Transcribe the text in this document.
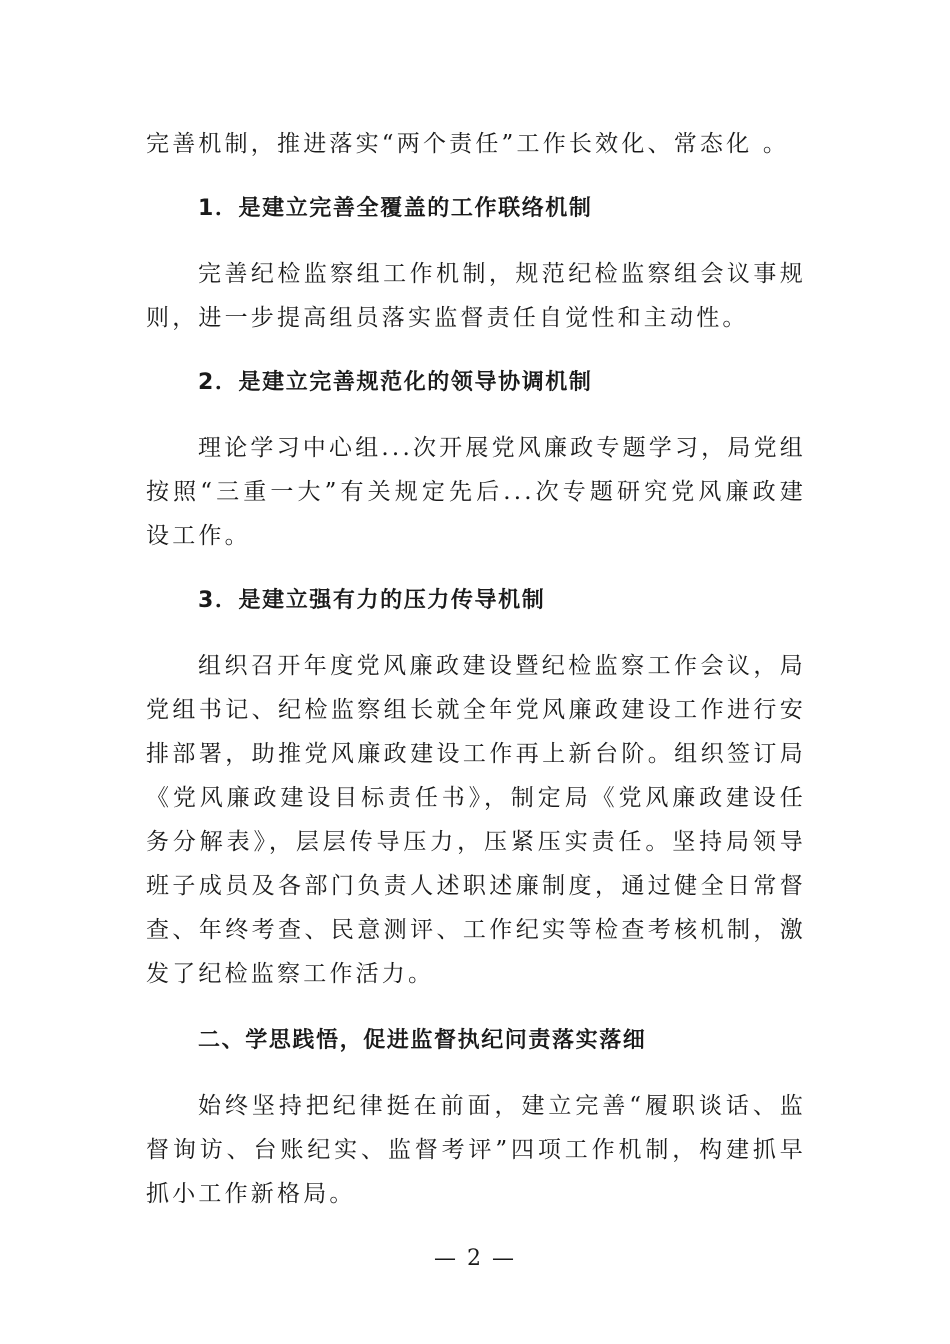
完善机制，推进落实“两个责任”工作长效化、常态化 。

1．是建立完善全覆盖的工作联络机制

完善纪检监察组工作机制，规范纪检监察组会议事规则，进一步提高组员落实监督责任自觉性和主动性。

2．是建立完善规范化的领导协调机制

理论学习中心组...次开展党风廉政专题学习，局党组按照“三重一大”有关规定先后...次专题研究党风廉政建设工作。

3．是建立强有力的压力传导机制

组织召开年度党风廉政建设暨纪检监察工作会议，局党组书记、纪检监察组长就全年党风廉政建设工作进行安排部署，助推党风廉政建设工作再上新台阶。组织签订局《党风廉政建设目标责任书》，制定局《党风廉政建设任务分解表》，层层传导压力，压紧压实责任。坚持局领导班子成员及各部门负责人述职述廉制度，通过健全日常督查、年终考查、民意测评、工作纪实等检查考核机制，激发了纪检监察工作活力。

二、学思践悟，促进监督执纪问责落实落细

始终坚持把纪律挺在前面，建立完善“履职谈话、监督询访、台账纪实、监督考评”四项工作机制，构建抓早抓小工作新格局。

— 2 —
